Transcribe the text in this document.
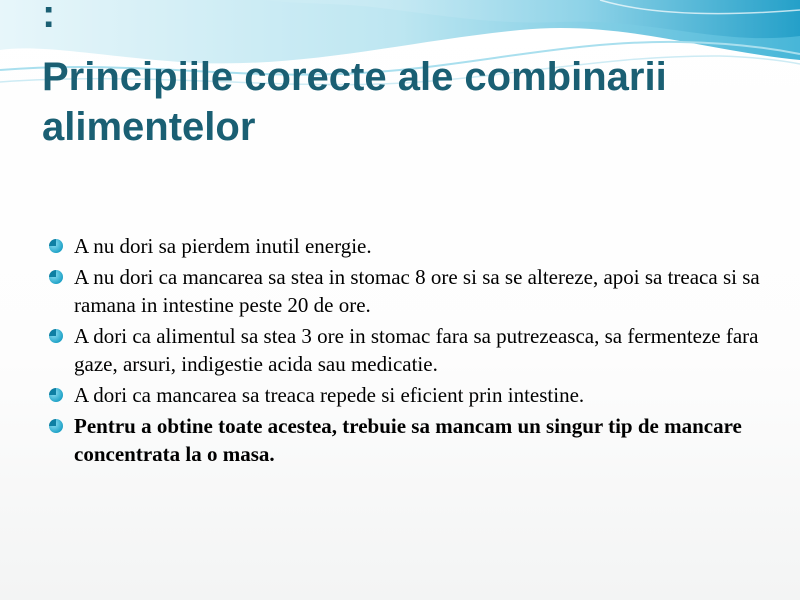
:
Principiile corecte ale combinarii alimentelor
A nu dori sa pierdem inutil energie.
A nu dori ca mancarea sa stea in stomac 8 ore si sa se altereze, apoi sa treaca si sa ramana in intestine peste 20 de ore.
A dori ca alimentul sa stea 3 ore in stomac fara sa putrezeasca, sa fermenteze fara gaze, arsuri, indigestie acida sau medicatie.
A dori ca mancarea sa treaca repede si eficient prin intestine.
Pentru a obtine toate acestea, trebuie sa mancam un singur tip de mancare concentrata la o masa.
